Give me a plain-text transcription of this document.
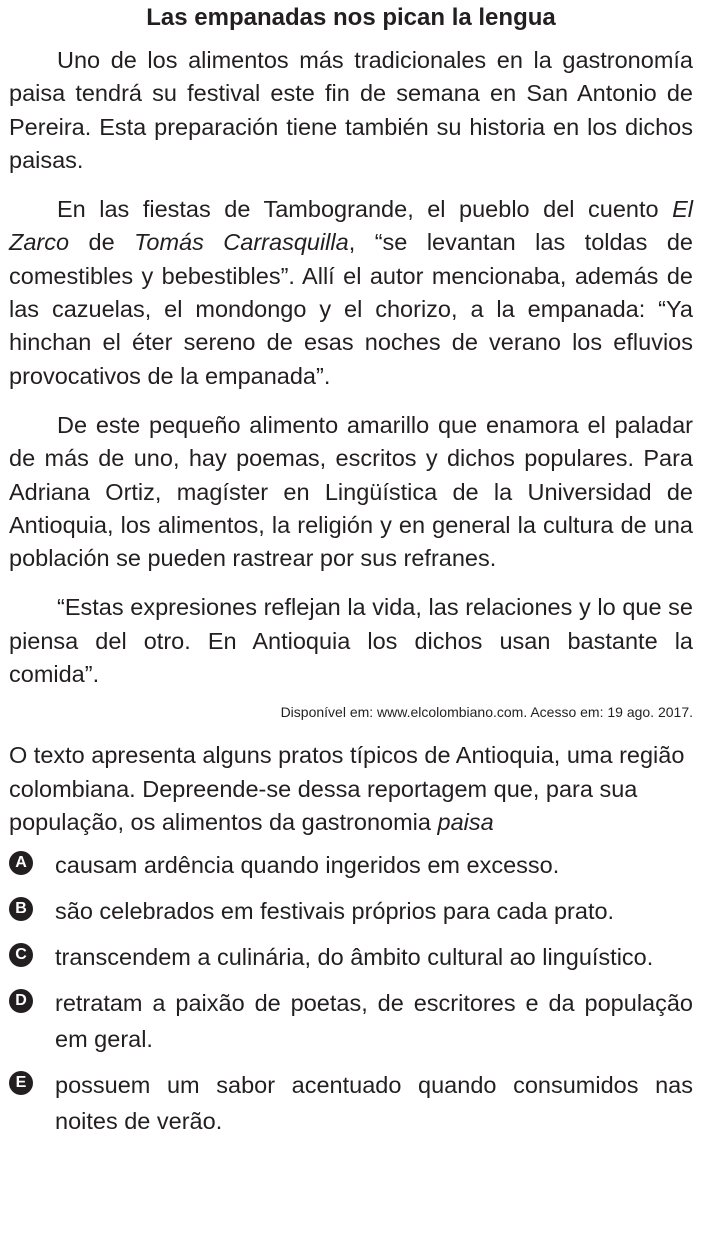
Las empanadas nos pican la lengua

Uno de los alimentos más tradicionales en la gastronomía paisa tendrá su festival este fin de semana en San Antonio de Pereira. Esta preparación tiene también su historia en los dichos paisas.

En las fiestas de Tambogrande, el pueblo del cuento El Zarco de Tomás Carrasquilla, “se levantan las toldas de comestibles y bebestibles”. Allí el autor mencionaba, además de las cazuelas, el mondongo y el chorizo, a la empanada: “Ya hinchan el éter sereno de esas noches de verano los efluvios provocativos de la empanada”.

De este pequeño alimento amarillo que enamora el paladar de más de uno, hay poemas, escritos y dichos populares. Para Adriana Ortiz, magíster en Lingüística de la Universidad de Antioquia, los alimentos, la religión y en general la cultura de una población se pueden rastrear por sus refranes.

“Estas expresiones reflejan la vida, las relaciones y lo que se piensa del otro. En Antioquia los dichos usan bastante la comida”.

Disponível em: www.elcolombiano.com. Acesso em: 19 ago. 2017.

O texto apresenta alguns pratos típicos de Antioquia, uma região colombiana. Depreende-se dessa reportagem que, para sua população, os alimentos da gastronomia paisa

A causam ardência quando ingeridos em excesso.
B são celebrados em festivais próprios para cada prato.
C transcendem a culinária, do âmbito cultural ao linguístico.
D retratam a paixão de poetas, de escritores e da população em geral.
E possuem um sabor acentuado quando consumidos nas noites de verão.
